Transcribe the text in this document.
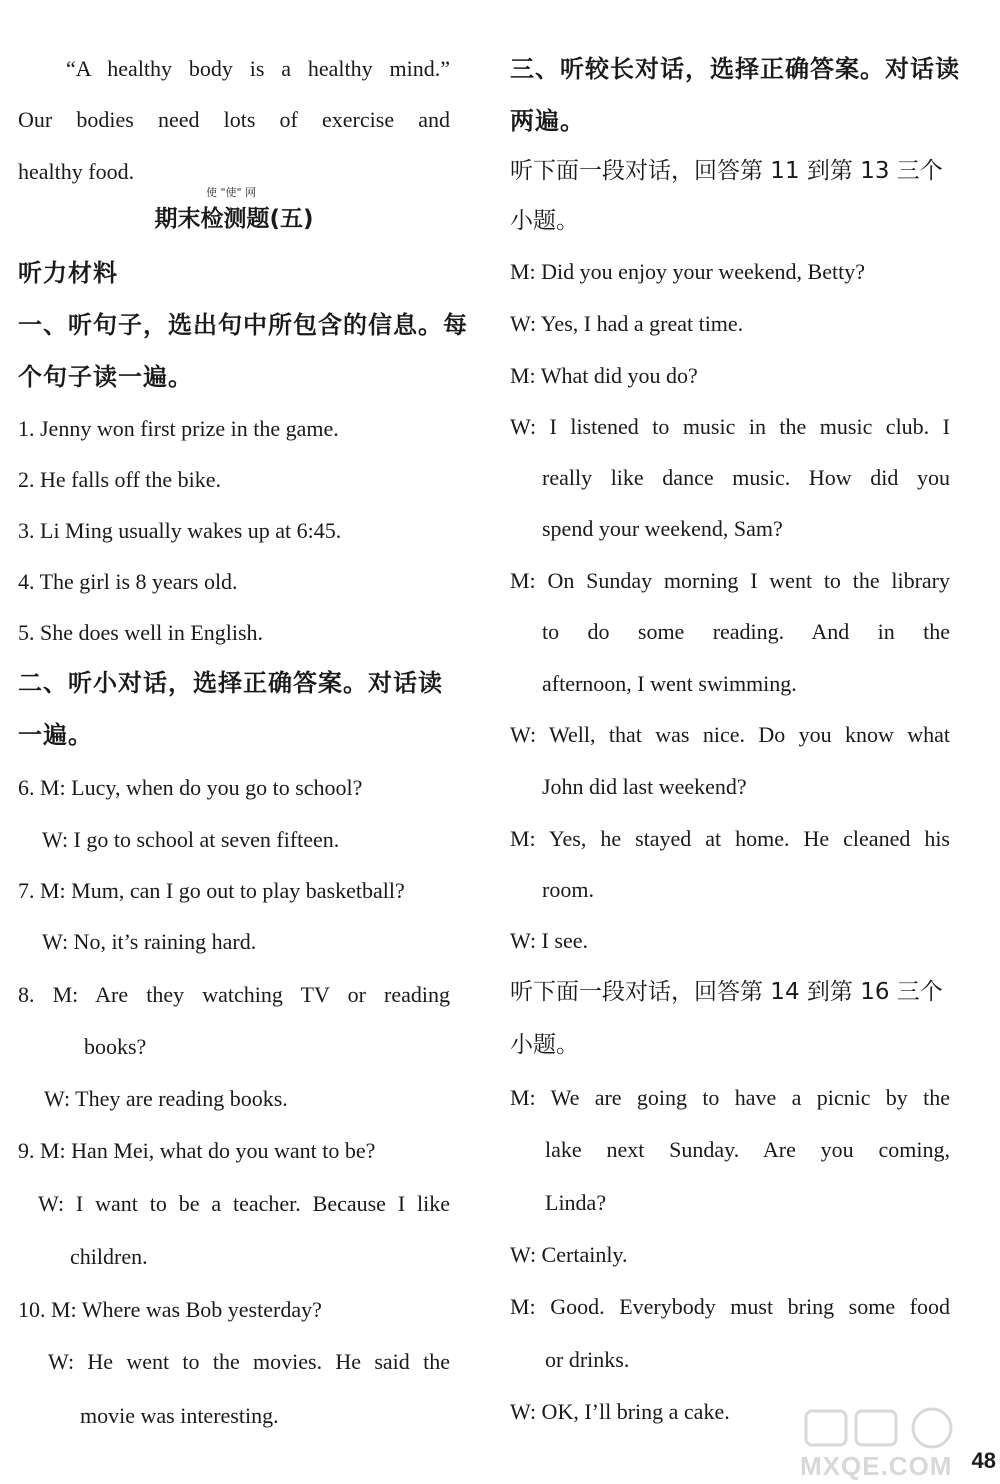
“A healthy body is a healthy mind.”
Our bodies need lots of exercise and
healthy food.
使 "使" 网
期末检测题(五)
听力材料
一、听句子，选出句中所包含的信息。每
个句子读一遍。
1. Jenny won first prize in the game.
2. He falls off the bike.
3. Li Ming usually wakes up at 6:45.
4. The girl is 8 years old.
5. She does well in English.
二、听小对话，选择正确答案。对话读
一遍。
6. M: Lucy, when do you go to school?
W: I go to school at seven fifteen.
7. M: Mum, can I go out to play basketball?
W: No, it’s raining hard.
8. M: Are they watching TV or reading
books?
W: They are reading books.
9. M: Han Mei, what do you want to be?
W: I want to be a teacher. Because I like
children.
10. M: Where was Bob yesterday?
W: He went to the movies. He said the
movie was interesting.
三、听较长对话，选择正确答案。对话读
两遍。
听下面一段对话，回答第 11 到第 13 三个
小题。
M: Did you enjoy your weekend, Betty?
W: Yes, I had a great time.
M: What did you do?
W: I listened to music in the music club. I
really like dance music. How did you
spend your weekend, Sam?
M: On Sunday morning I went to the library
to do some reading. And in the
afternoon, I went swimming.
W: Well, that was nice. Do you know what
John did last weekend?
M: Yes, he stayed at home. He cleaned his
room.
W: I see.
听下面一段对话，回答第 14 到第 16 三个
小题。
M: We are going to have a picnic by the
lake next Sunday. Are you coming,
Linda?
W: Certainly.
M: Good. Everybody must bring some food
or drinks.
W: OK, I’ll bring a cake.
MXQE.COM 48
